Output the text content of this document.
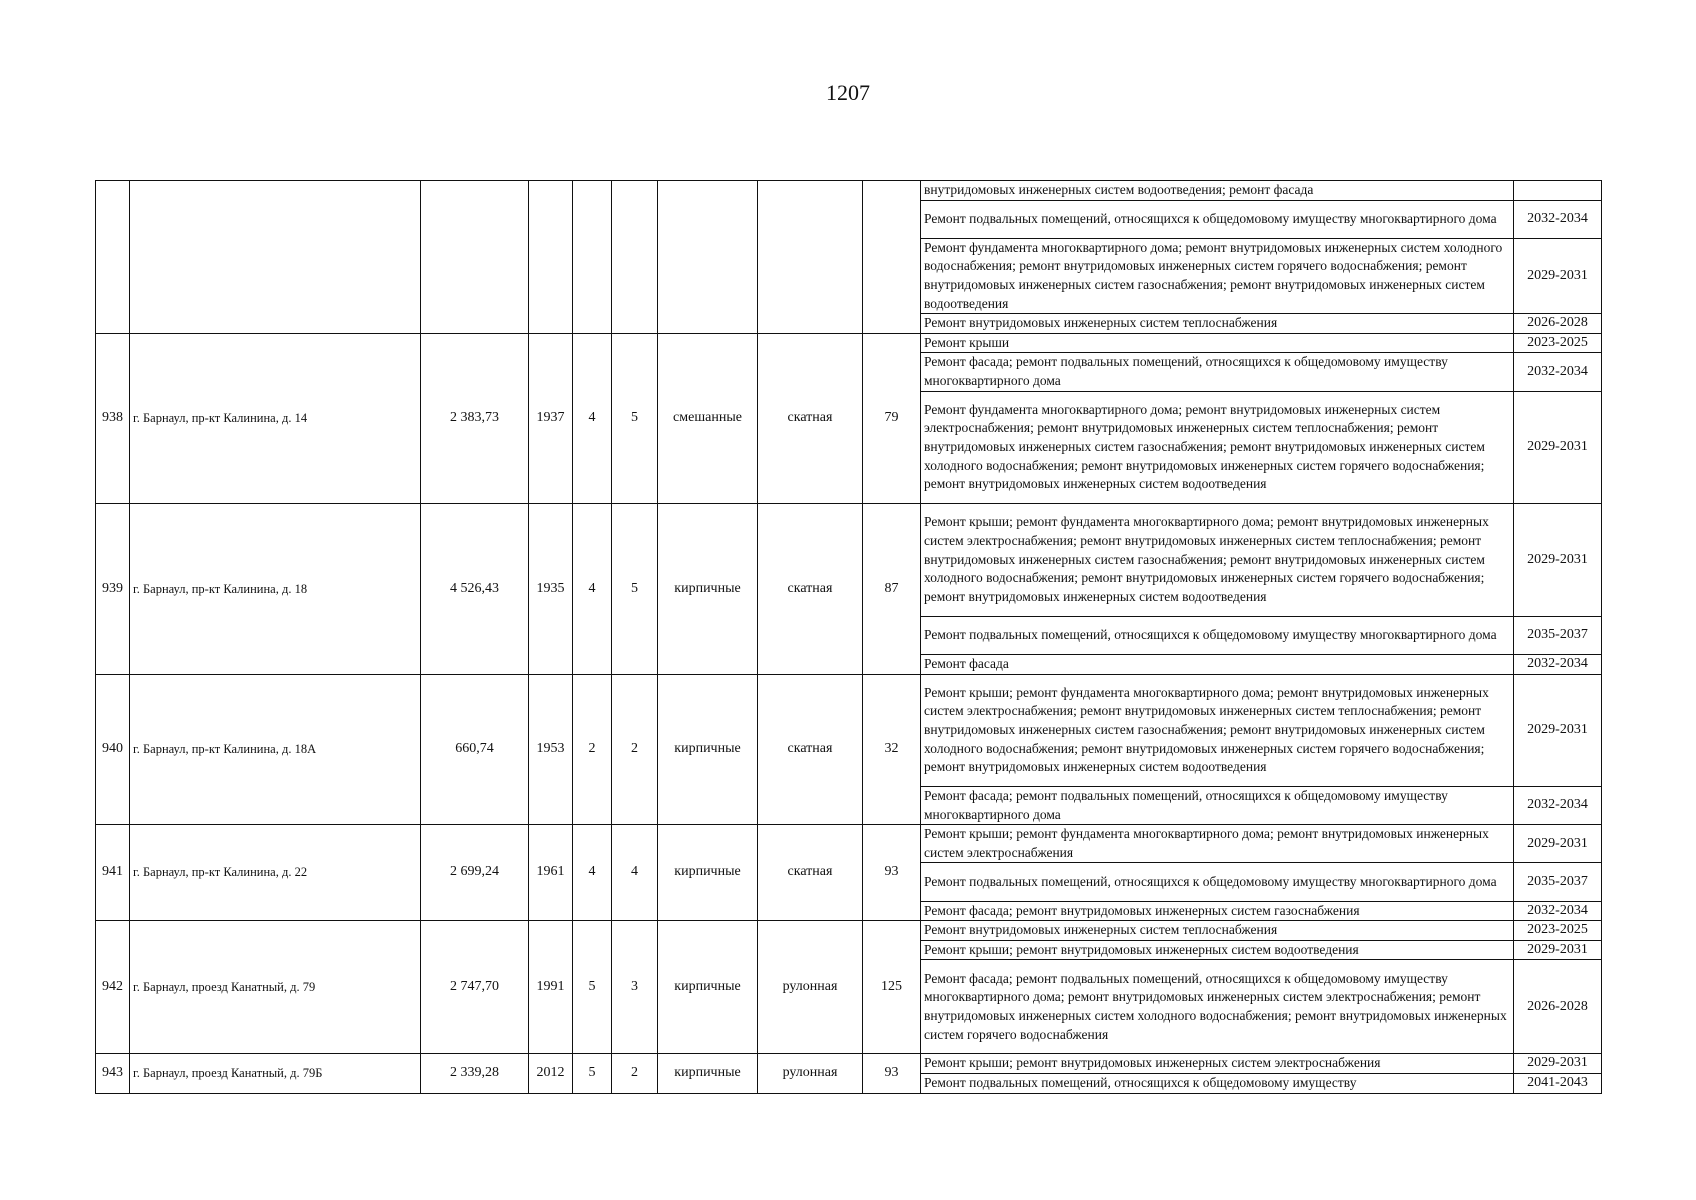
1207
									внутридомовых инженерных систем водоотведения; ремонт фасада	
									Ремонт подвальных помещений, относящихся к общедомовому имуществу многоквартирного дома	2032-2034
									Ремонт фундамента многоквартирного дома; ремонт внутридомовых инженерных систем холодного водоснабжения; ремонт внутридомовых инженерных систем горячего водоснабжения; ремонт внутридомовых инженерных систем газоснабжения; ремонт внутридомовых инженерных систем водоотведения	2029-2031
									Ремонт внутридомовых инженерных систем теплоснабжения	2026-2028
938	г. Барнаул, пр-кт Калинина, д. 14	2 383,73	1937	4	5	смешанные	скатная	79	Ремонт крыши	2023-2025
									Ремонт фасада; ремонт подвальных помещений, относящихся к общедомовому имуществу многоквартирного дома	2032-2034
									Ремонт фундамента многоквартирного дома; ремонт внутридомовых инженерных систем электроснабжения; ремонт внутридомовых инженерных систем теплоснабжения; ремонт внутридомовых инженерных систем газоснабжения; ремонт внутридомовых инженерных систем холодного водоснабжения; ремонт внутридомовых инженерных систем горячего водоснабжения; ремонт внутридомовых инженерных систем водоотведения	2029-2031
939	г. Барнаул, пр-кт Калинина, д. 18	4 526,43	1935	4	5	кирпичные	скатная	87	Ремонт крыши; ремонт фундамента многоквартирного дома; ремонт внутридомовых инженерных систем электроснабжения; ремонт внутридомовых инженерных систем теплоснабжения; ремонт внутридомовых инженерных систем газоснабжения; ремонт внутридомовых инженерных систем холодного водоснабжения; ремонт внутридомовых инженерных систем горячего водоснабжения; ремонт внутридомовых инженерных систем водоотведения	2029-2031
									Ремонт подвальных помещений, относящихся к общедомовому имуществу многоквартирного дома	2035-2037
									Ремонт фасада	2032-2034
940	г. Барнаул, пр-кт Калинина, д. 18А	660,74	1953	2	2	кирпичные	скатная	32	Ремонт крыши; ремонт фундамента многоквартирного дома; ремонт внутридомовых инженерных систем электроснабжения; ремонт внутридомовых инженерных систем теплоснабжения; ремонт внутридомовых инженерных систем газоснабжения; ремонт внутридомовых инженерных систем холодного водоснабжения; ремонт внутридомовых инженерных систем горячего водоснабжения; ремонт внутридомовых инженерных систем водоотведения	2029-2031
									Ремонт фасада; ремонт подвальных помещений, относящихся к общедомовому имуществу многоквартирного дома	2032-2034
941	г. Барнаул, пр-кт Калинина, д. 22	2 699,24	1961	4	4	кирпичные	скатная	93	Ремонт крыши; ремонт фундамента многоквартирного дома; ремонт внутридомовых инженерных систем электроснабжения	2029-2031
									Ремонт подвальных помещений, относящихся к общедомовому имуществу многоквартирного дома	2035-2037
									Ремонт фасада; ремонт внутридомовых инженерных систем газоснабжения	2032-2034
942	г. Барнаул, проезд Канатный, д. 79	2 747,70	1991	5	3	кирпичные	рулонная	125	Ремонт внутридомовых инженерных систем теплоснабжения	2023-2025
									Ремонт крыши; ремонт внутридомовых инженерных систем водоотведения	2029-2031
									Ремонт фасада; ремонт подвальных помещений, относящихся к общедомовому имуществу многоквартирного дома; ремонт внутридомовых инженерных систем электроснабжения; ремонт внутридомовых инженерных систем холодного водоснабжения; ремонт внутридомовых инженерных систем горячего водоснабжения	2026-2028
943	г. Барнаул, проезд Канатный, д. 79Б	2 339,28	2012	5	2	кирпичные	рулонная	93	Ремонт крыши; ремонт внутридомовых инженерных систем электроснабжения	2029-2031
									Ремонт подвальных помещений, относящихся к общедомовому имуществу	2041-2043
